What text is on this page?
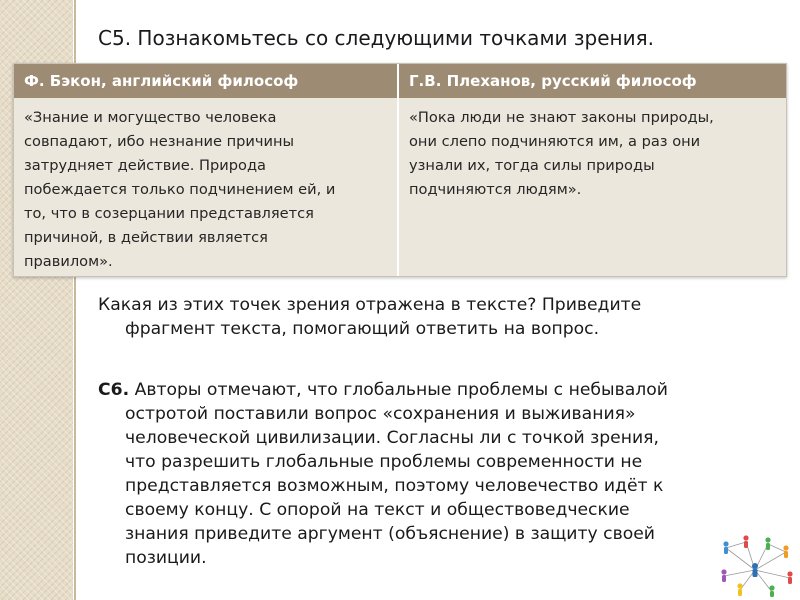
С5. Познакомьтесь со следующими точками зрения.
Ф. Бэкон, английский философ	Г.В. Плеханов, русский философ
«Знание и могущество человека
совпадают, ибо незнание причины
затрудняет действие. Природа
побеждается только подчинением ей, и
то, что в созерцании представляется
причиной, в действии является
правилом».
«Пока люди не знают законы природы,
они слепо подчиняются им, а раз они
узнали их, тогда силы природы
подчиняются людям».
Какая из этих точек зрения отражена в тексте? Приведите
фрагмент текста, помогающий ответить на вопрос.
С6. Авторы отмечают, что глобальные проблемы с небывалой
остротой поставили вопрос «сохранения и выживания»
человеческой цивилизации. Согласны ли с точкой зрения,
что разрешить глобальные проблемы современности не
представляется возможным, поэтому человечество идёт к
своему концу. С опорой на текст и обществоведческие
знания приведите аргумент (объяснение) в защиту своей
позиции.
